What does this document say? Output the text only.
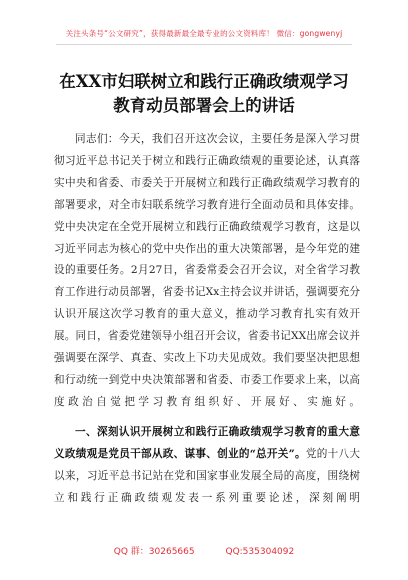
关注头条号“公文研究”，获得最新最全最专业的公文资料库！ 微信：gongwenyj
在XX市妇联树立和践行正确政绩观学习
教育动员部署会上的讲话
同志们：今天，我们召开这次会议，主要任务是深入学习贯彻习近平总书记关于树立和践行正确政绩观的重要论述，认真落实中央和省委、市委关于开展树立和践行正确政绩观学习教育的部署要求，对全市妇联系统学习教育进行全面动员和具体安排。党中央决定在全党开展树立和践行正确政绩观学习教育，这是以习近平同志为核心的党中央作出的重大决策部署，是今年党的建设的重要任务。2月27日，省委常委会召开会议，对全省学习教育工作进行动员部署，省委书记Xx主持会议并讲话，强调要充分认识开展这次学习教育的重大意义，推动学习教育扎实有效开展。同日，省委党建领导小组召开会议，省委书记XX出席会议并强调要在深学、真查、实改上下功夫见成效。我们要坚决把思想和行动统一到党中央决策部署和省委、市委工作要求上来，以高度政治自觉把学习教育组织好、开展好、实施好。
一、深刻认识开展树立和践行正确政绩观学习教育的重大意义政绩观是党员干部从政、谋事、创业的“总开关”。党的十八大以来，习近平总书记站在党和国家事业发展全局的高度，围绕树立和践行正确政绩观发表一系列重要论述，深刻阐明
QQ 群：30265665	QQ:535304092
